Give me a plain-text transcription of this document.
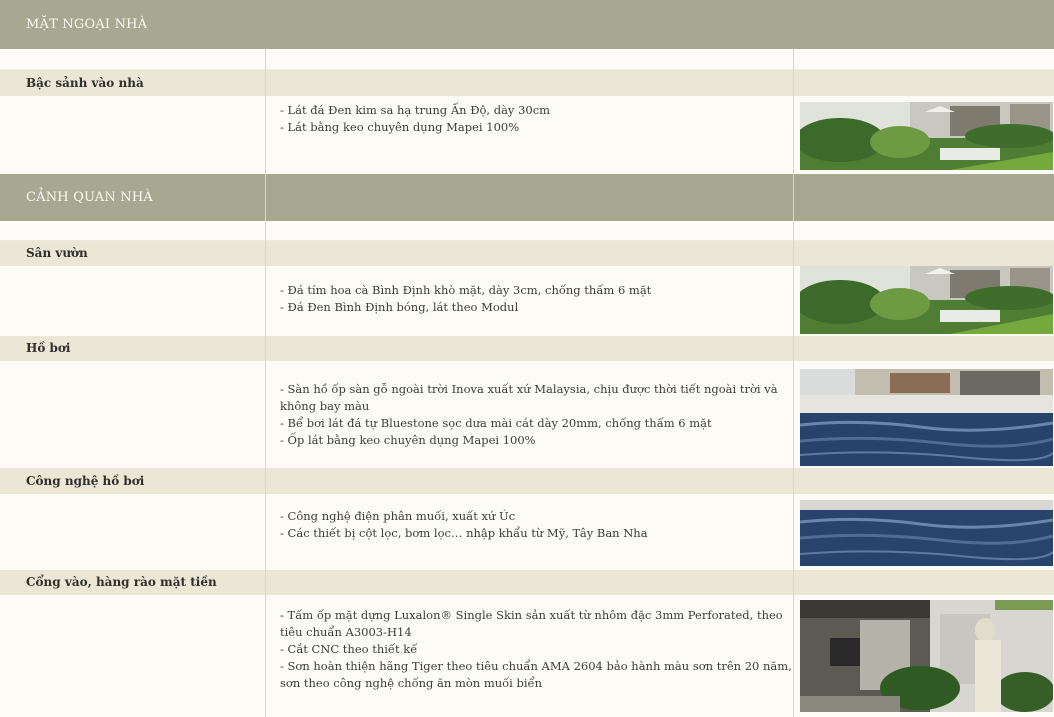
MẶT NGOẠI NHÀ
Bậc sảnh vào nhà
- Lát đá Đen kim sa hạ trung Ấn Độ, dày 30cm
- Lát bằng keo chuyên dụng Mapei 100%
CẢNH QUAN NHÀ
Sân vườn
- Đá tím hoa cà Bình Định khò mặt, dày 3cm, chống thấm 6 mặt
- Đá Đen Bình Định bóng, lát theo Modul
Hồ bơi
- Sàn hồ ốp sàn gỗ ngoài trời Inova xuất xứ Malaysia, chịu được thời tiết ngoài trời và
không bay màu
- Bể bơi lát đá tự Bluestone sọc dưa mài cát dày 20mm, chống thấm 6 mặt
- Ốp lát bằng keo chuyên dụng Mapei 100%
Công nghệ hồ bơi
- Công nghệ điện phân muối, xuất xứ Úc
- Các thiết bị cột lọc, bơm lọc… nhập khẩu từ Mỹ, Tây Ban Nha
Cổng vào, hàng rào mặt tiền
- Tấm ốp mặt dựng Luxalon® Single Skin sản xuất từ nhôm đặc 3mm Perforated, theo
tiêu chuẩn A3003-H14
- Cắt CNC theo thiết kế
- Sơn hoàn thiện hãng Tiger theo tiêu chuẩn AMA 2604 bảo hành màu sơn trên 20 năm,
sơn theo công nghệ chống ăn mòn muối biển
